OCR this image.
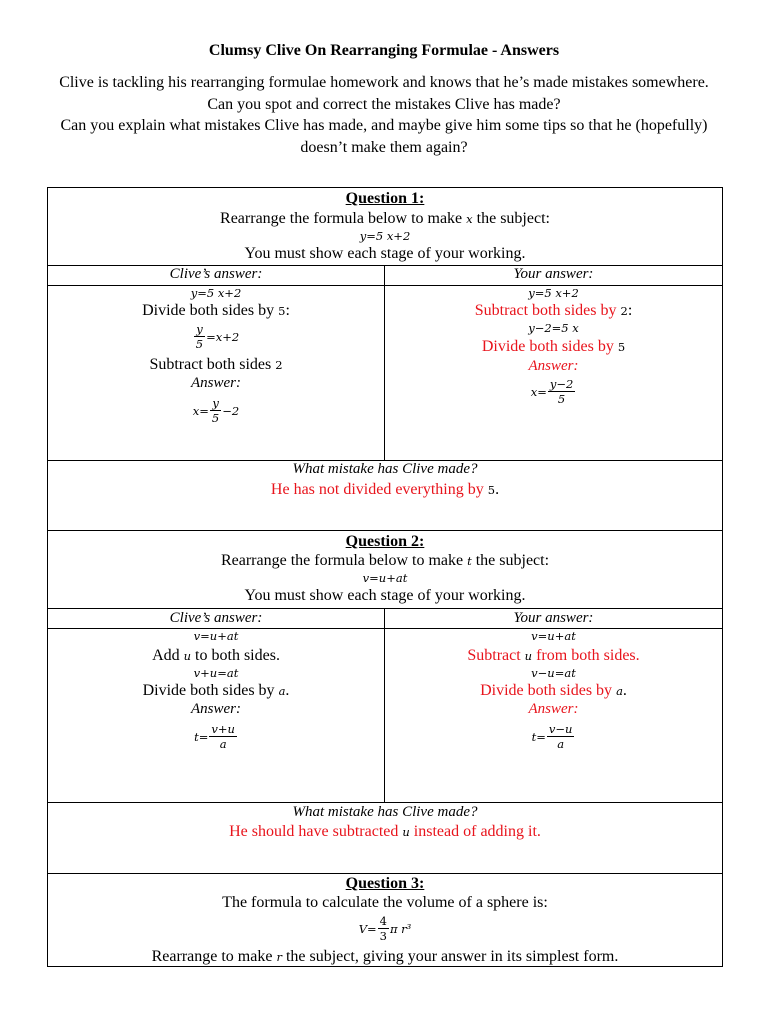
Clumsy Clive On Rearranging Formulae - Answers
Clive is tackling his rearranging formulae homework and knows that he’s made mistakes somewhere.
Can you spot and correct the mistakes Clive has made?
Can you explain what mistakes Clive has made, and maybe give him some tips so that he (hopefully) doesn’t make them again?
Question 1:
Rearrange the formula below to make x the subject:
y=5 x+2
You must show each stage of your working.
Clive’s answer:	Your answer:
y=5 x+2
Divide both sides by 5:
$\frac{y}{5} =x+2$
Subtract both sides 2
Answer:
$x= \frac{y}{5} -2$
y=5 x+2
Subtract both sides by 2:
y−2=5 x
Divide both sides by 5
Answer:
$x= \frac{y-2}{5}$
What mistake has Clive made?
He has not divided everything by 5.
Question 2:
Rearrange the formula below to make t the subject:
v=u+at
You must show each stage of your working.
Clive’s answer:	Your answer:
v=u+at
Add u to both sides.
v+u=at
Divide both sides by a.
Answer:
$t= \frac{v+u}{a}$
v=u+at
Subtract u from both sides.
v−u=at
Divide both sides by a.
Answer:
$t= \frac{v-u}{a}$
What mistake has Clive made?
He should have subtracted u instead of adding it.
Question 3:
The formula to calculate the volume of a sphere is:
$V= \frac{4}{3}$ π r³
Rearrange to make r the subject, giving your answer in its simplest form.
